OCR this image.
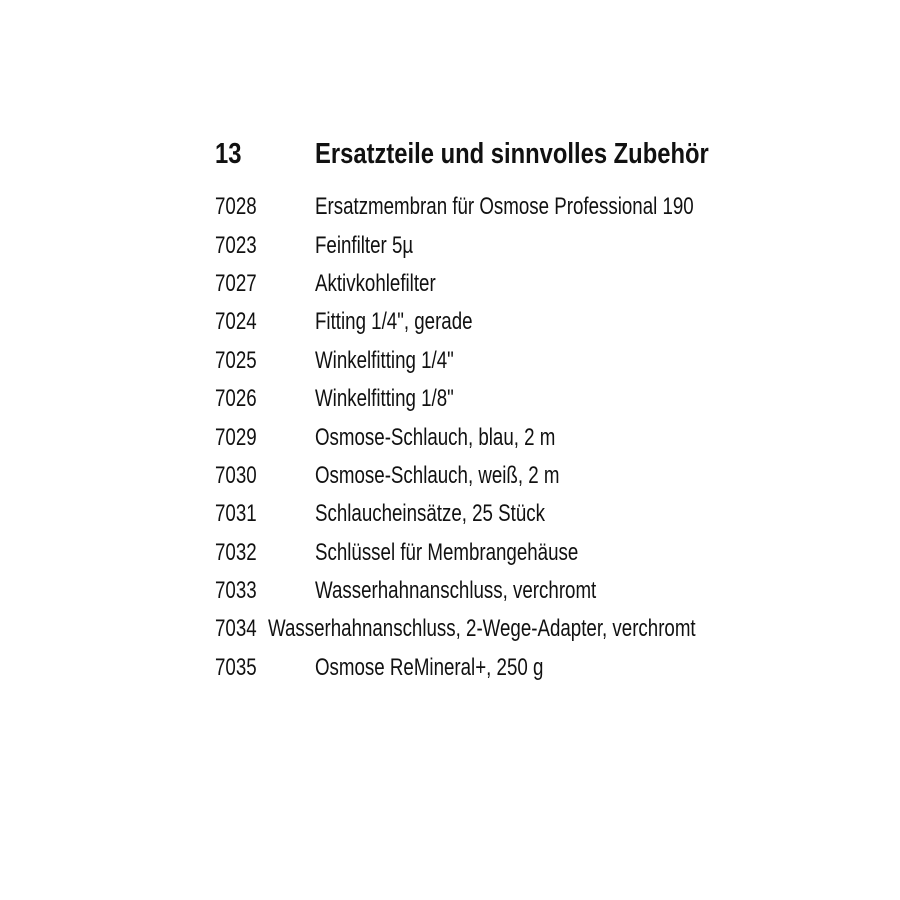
13	Ersatzteile und sinnvolles Zubehör
7028	Ersatzmembran für Osmose Professional 190
7023	Feinfilter 5µ
7027	Aktivkohlefilter
7024	Fitting 1/4", gerade
7025	Winkelfitting 1/4"
7026	Winkelfitting 1/8"
7029	Osmose-Schlauch, blau, 2 m
7030	Osmose-Schlauch, weiß, 2 m
7031	Schlaucheinsätze, 25 Stück
7032	Schlüssel für Membrangehäuse
7033	Wasserhahnanschluss, verchromt
7034 Wasserhahnanschluss, 2-Wege-Adapter, verchromt
7035	Osmose ReMineral+, 250 g
